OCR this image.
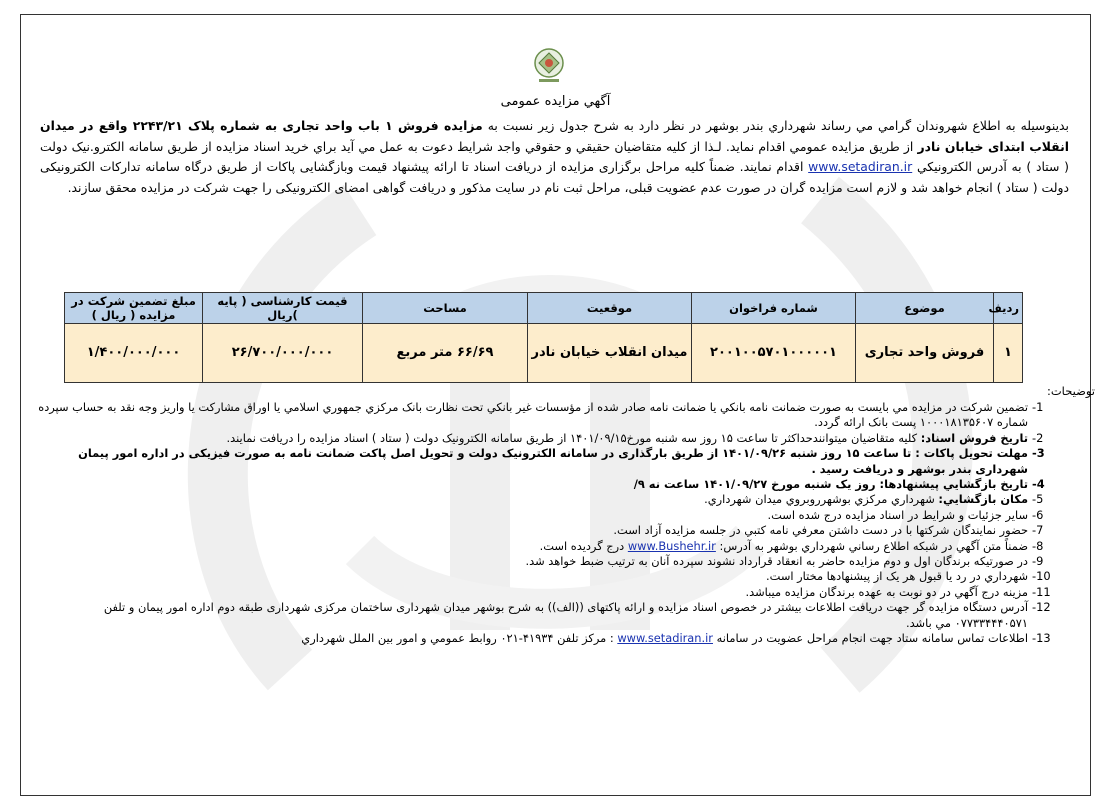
آگهي مزايده عمومی
بدينوسيله به اطلاع شهروندان گرامي مي رساند شهرداري بندر بوشهر در نظر دارد به شرح جدول زير نسبت به مزايده فروش ۱ باب واحد تجاری به شماره پلاک ۲۲۴۳/۲۱ واقع در میدان انقلاب ابتدای خیابان نادر از طريق مزايده عمومي اقدام نمايد. لـذا از کليه متقاضيان حقيقي و حقوقي واجد شرايط دعوت به عمل مي آيد براي خريد اسناد مزايده از طريق سامانه الکترو.نيک دولت ( ستاد ) به آدرس الکترونيکي www.setadiran.ir اقدام نمايند. ضمناً کليه مراحل برگزاری مزايده از دريافت اسناد تا ارائه پيشنهاد قيمت وبازگشايی پاکات از طريق درگاه سامانه تدارکات الکترونيکی دولت ( ستاد ) انجام خواهد شد و لازم است مزايده گران در صورت عدم عضويت قبلی، مراحل ثبت نام در سايت مذکور و دريافت گواهی امضای الکترونيکی را جهت شرکت در مزايده محقق سازند.
رديف	موضوع	شماره فراخوان	موقعيت	مساحت	قيمت کارشناسی ( پايه )ریال	مبلغ تضمين شرکت در مزايده ( ریال )
۱	فروش واحد تجاری	۲۰۰۱۰۰۵۷۰۱۰۰۰۰۰۱	ميدان انقلاب خيابان نادر	۶۶/۶۹ متر مربع	۲۶/۷۰۰/۰۰۰/۰۰۰	۱/۴۰۰/۰۰۰/۰۰۰
توضيحات:
-1
تضمين شرکت در مزايده مي بايست به صورت ضمانت نامه بانکي يا ضمانت نامه صادر شده از مؤسسات غير بانکي تحت نظارت بانک مرکزي جمهوري اسلامي يا اوراق مشارکت يا واريز وجه نقد به حساب سپرده شماره ۱۰۰۰۱۸۱۳۵۶۰۷ پست بانک ارائه گردد.
-2
تاريخ فروش اسناد: کليه متقاضيان ميتوانندحداکثر تا ساعت ۱۵ روز سه شنبه مورخ۱۴۰۱/۰۹/۱۵ از طريق سامانه الکترونيک دولت ( ستاد ) اسناد مزايده را دريافت نمايند.
-3
مهلت تحويل پاکات : تا ساعت ۱۵ روز شنبه ۱۴۰۱/۰۹/۲۶ از طريق بارگذاری در سامانه الکترونيک دولت و تحويل اصل پاکت ضمانت نامه به صورت فيزيکی در اداره امور پيمان شهرداری بندر بوشهر و دريافت رسيد .
-4
تاريخ بازگشايي پيشنهادها: روز يک شنبه مورخ ۱۴۰۱/۰۹/۲۷ ساعت نه ۹/
-5
مکان بازگشايي: شهرداري مرکزي بوشهرروبروي ميدان شهرداري.
-6
ساير جزئيات و شرايط در اسناد مزايده درج شده است.
-7
حضور نمايندگان شرکتها با در دست داشتن معرفي نامه کتبي در جلسه مزايده آزاد است.
-8
ضمناً متن آگهي در شبکه اطلاع رساني شهرداري بوشهر به آدرس: www.Bushehr.ir درج گرديده است.
-9
در صورتيکه برندگان اول و دوم مزايده حاضر به انعقاد قرارداد نشوند سپرده آنان به ترتيب ضبط خواهد شد.
-10
شهرداري در رد يا قبول هر يک از پيشنهادها مختار است.
-11
مزينه درج آگهي در دو نوبت به عهده برندگان مزايده ميباشد.
-12
آدرس دستگاه مزايده گر جهت دريافت اطلاعات بيشتر در خصوص اسناد مزايده و ارائه پاکتهای ((الف)) به شرح بوشهر ميدان شهرداری ساختمان مرکزی شهرداری طبقه دوم اداره امور پيمان و تلفن ۰۷۷۳۳۴۴۴۰۵۷۱ مي باشد.
-13
اطلاعات تماس سامانه ستاد جهت انجام مراحل عضويت در سامانه www.setadiran.ir : مرکز تلفن ۴۱۹۳۴-۰۲۱ روابط عمومي و امور بين الملل شهرداري
